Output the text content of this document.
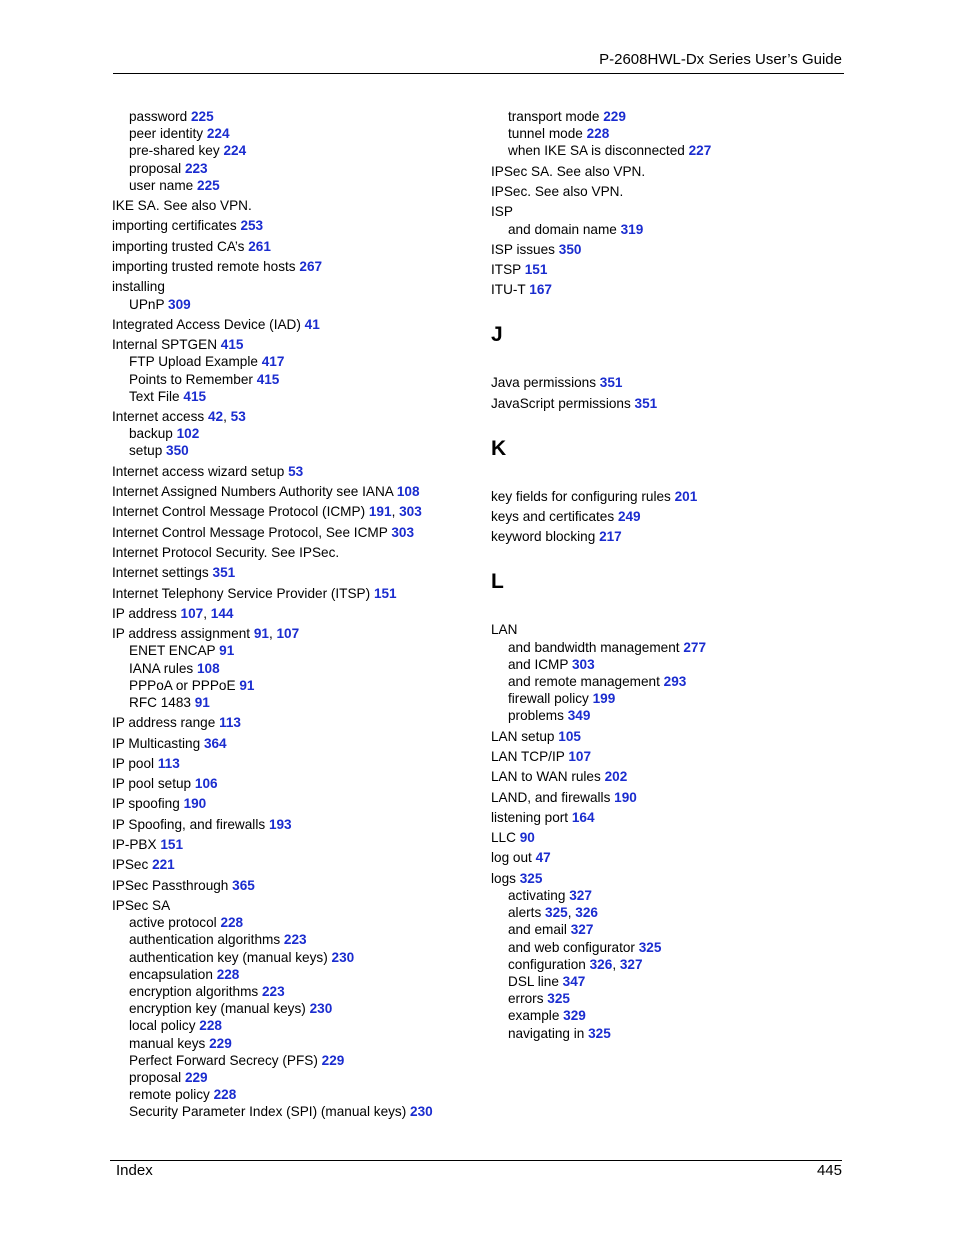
P-2608HWL-Dx Series User’s Guide
password 225
peer identity 224
pre-shared key 224
proposal 223
user name 225
IKE SA. See also VPN.
importing certificates 253
importing trusted CA’s 261
importing trusted remote hosts 267
installing
UPnP 309
Integrated Access Device (IAD) 41
Internal SPTGEN 415
FTP Upload Example 417
Points to Remember 415
Text File 415
Internet access 42, 53
backup 102
setup 350
Internet access wizard setup 53
Internet Assigned Numbers Authority see IANA 108
Internet Control Message Protocol (ICMP) 191, 303
Internet Control Message Protocol, See ICMP 303
Internet Protocol Security. See IPSec.
Internet settings 351
Internet Telephony Service Provider (ITSP) 151
IP address 107, 144
IP address assignment 91, 107
ENET ENCAP 91
IANA rules 108
PPPoA or PPPoE 91
RFC 1483 91
IP address range 113
IP Multicasting 364
IP pool 113
IP pool setup 106
IP spoofing 190
IP Spoofing, and firewalls 193
IP-PBX 151
IPSec 221
IPSec Passthrough 365
IPSec SA
active protocol 228
authentication algorithms 223
authentication key (manual keys) 230
encapsulation 228
encryption algorithms 223
encryption key (manual keys) 230
local policy 228
manual keys 229
Perfect Forward Secrecy (PFS) 229
proposal 229
remote policy 228
Security Parameter Index (SPI) (manual keys) 230
transport mode 229
tunnel mode 228
when IKE SA is disconnected 227
IPSec SA. See also VPN.
IPSec. See also VPN.
ISP
and domain name 319
ISP issues 350
ITSP 151
ITU-T 167
J
Java permissions 351
JavaScript permissions 351
K
key fields for configuring rules 201
keys and certificates 249
keyword blocking 217
L
LAN
and bandwidth management 277
and ICMP 303
and remote management 293
firewall policy 199
problems 349
LAN setup 105
LAN TCP/IP 107
LAN to WAN rules 202
LAND, and firewalls 190
listening port 164
LLC 90
log out 47
logs 325
activating 327
alerts 325, 326
and email 327
and web configurator 325
configuration 326, 327
DSL line 347
errors 325
example 329
navigating in 325
Index	445
